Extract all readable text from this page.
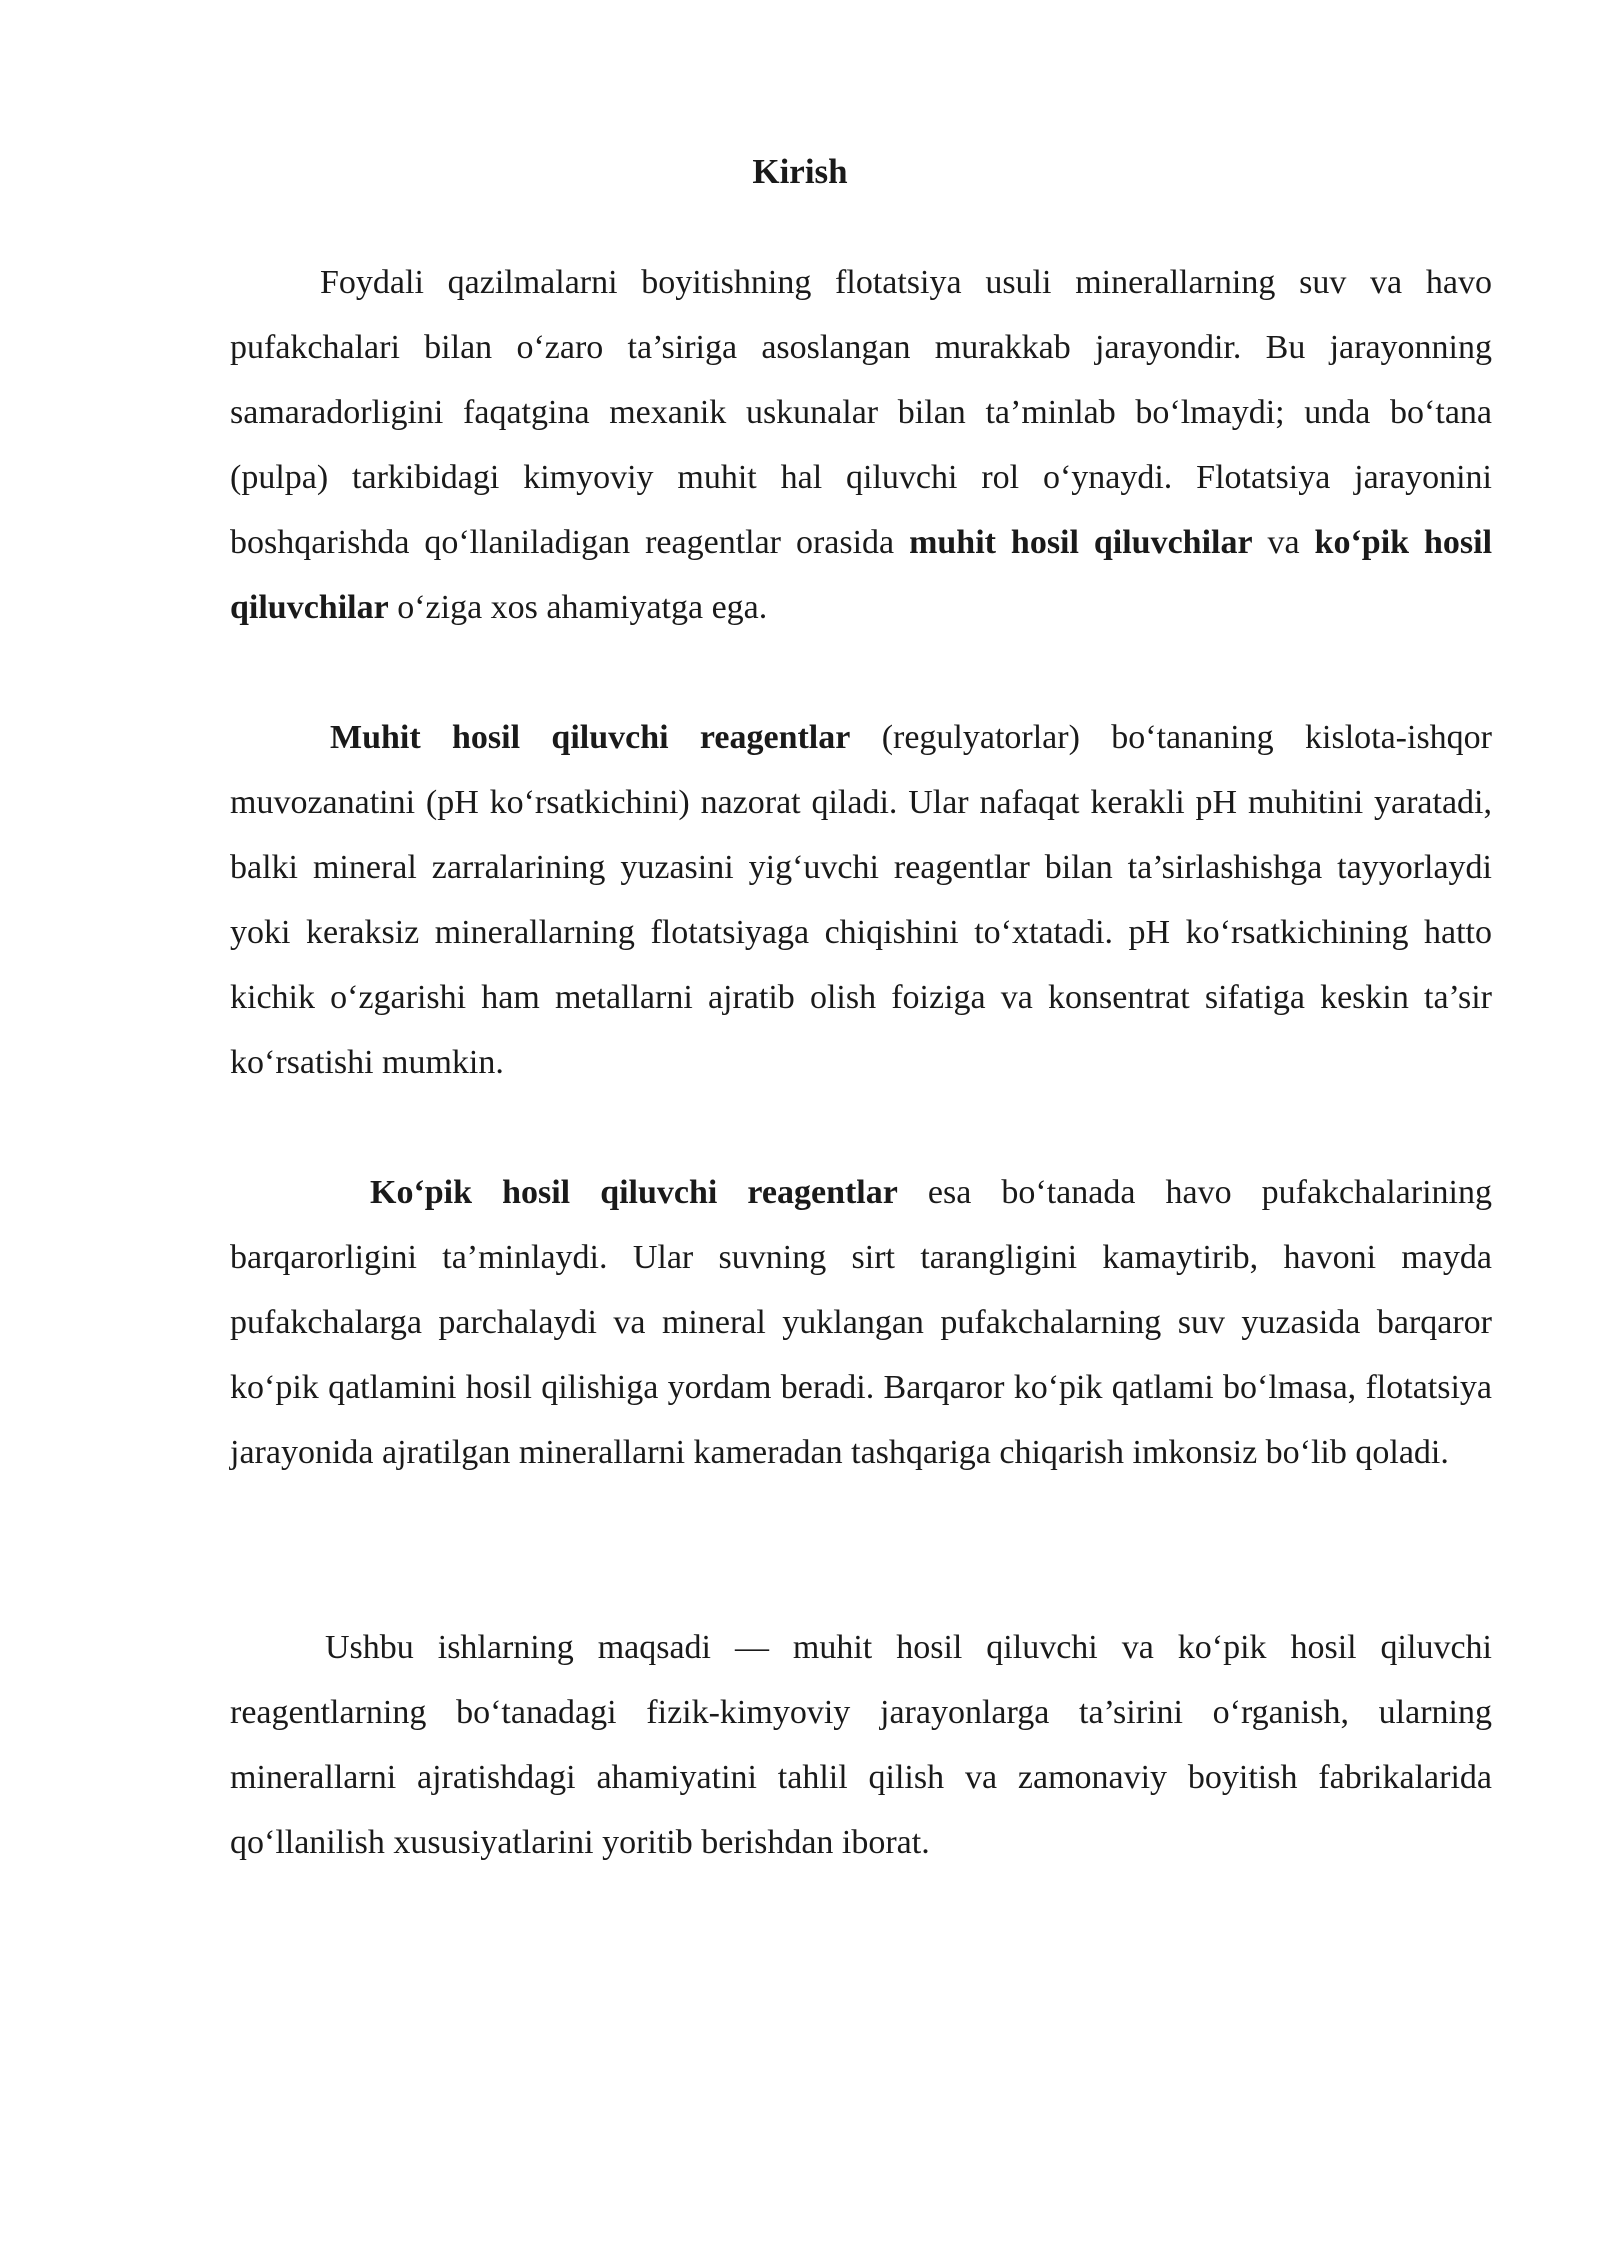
Kirish

Foydali qazilmalarni boyitishning flotatsiya usuli minerallarning suv va havo pufakchalari bilan o‘zaro ta’siriga asoslangan murakkab jarayondir. Bu jarayonning samaradorligini faqatgina mexanik uskunalar bilan ta’minlab bo‘lmaydi; unda bo‘tana (pulpa) tarkibidagi kimyoviy muhit hal qiluvchi rol o‘ynaydi. Flotatsiya jarayonini boshqarishda qo‘llaniladigan reagentlar orasida muhit hosil qiluvchilar va ko‘pik hosil qiluvchilar o‘ziga xos ahamiyatga ega.

Muhit hosil qiluvchi reagentlar (regulyatorlar) bo‘tananing kislota-ishqor muvozanatini (pH ko‘rsatkichini) nazorat qiladi. Ular nafaqat kerakli pH muhitini yaratadi, balki mineral zarralarining yuzasini yig‘uvchi reagentlar bilan ta’sirlashishga tayyorlaydi yoki keraksiz minerallarning flotatsiyaga chiqishini to‘xtatadi. pH ko‘rsatkichining hatto kichik o‘zgarishi ham metallarni ajratib olish foiziga va konsentrat sifatiga keskin ta’sir ko‘rsatishi mumkin.

Ko‘pik hosil qiluvchi reagentlar esa bo‘tanada havo pufakchalarining barqarorligini ta’minlaydi. Ular suvning sirt tarangligini kamaytirib, havoni mayda pufakchalarga parchalaydi va mineral yuklangan pufakchalarning suv yuzasida barqaror ko‘pik qatlamini hosil qilishiga yordam beradi. Barqaror ko‘pik qatlami bo‘lmasa, flotatsiya jarayonida ajratilgan minerallarni kameradan tashqariga chiqarish imkonsiz bo‘lib qoladi.

Ushbu ishlarning maqsadi — muhit hosil qiluvchi va ko‘pik hosil qiluvchi reagentlarning bo‘tanadagi fizik-kimyoviy jarayonlarga ta’sirini o‘rganish, ularning minerallarni ajratishdagi ahamiyatini tahlil qilish va zamonaviy boyitish fabrikalarida qo‘llanilish xususiyatlarini yoritib berishdan iborat.
